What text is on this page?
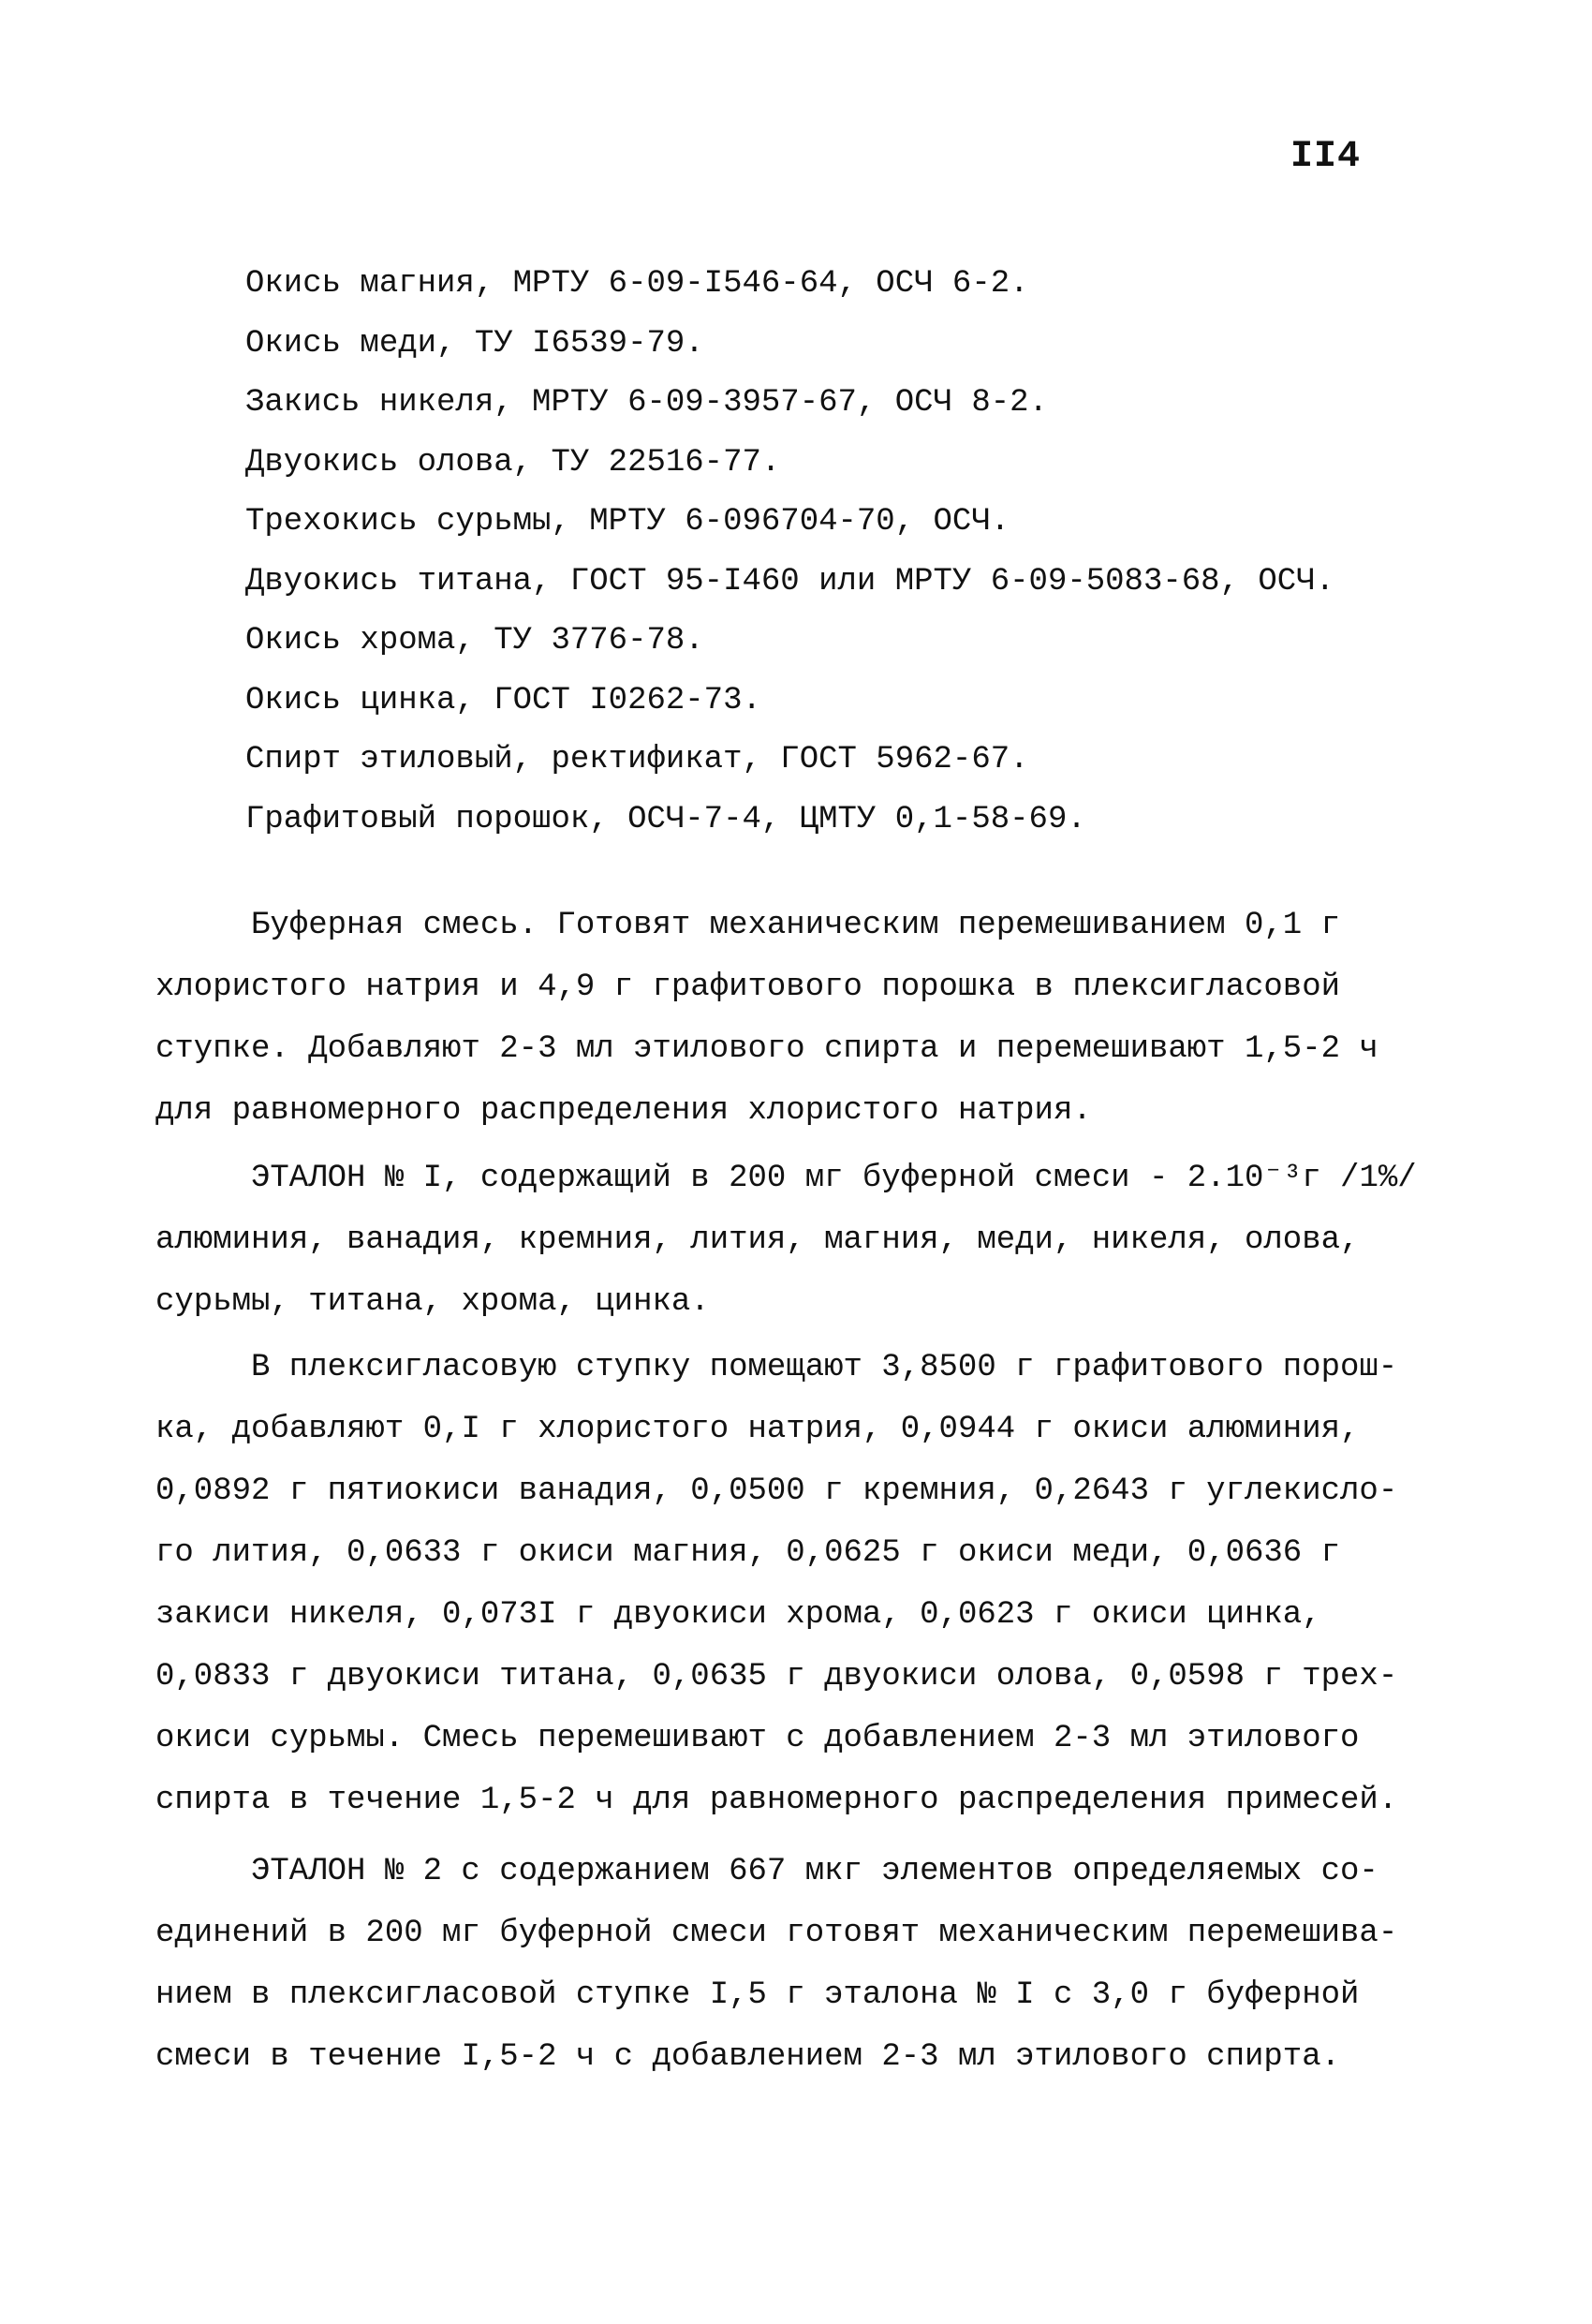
II4
Окись магния, МРТУ 6-09-I546-64, ОСЧ 6-2.
Окись меди, ТУ I6539-79.
Закись никеля, МРТУ 6-09-3957-67, ОСЧ 8-2.
Двуокись олова, ТУ 22516-77.
Трехокись сурьмы, МРТУ 6-096704-70, ОСЧ.
Двуокись титана, ГОСТ 95-I460 или МРТУ 6-09-5083-68, ОСЧ.
Окись хрома, ТУ 3776-78.
Окись цинка, ГОСТ I0262-73.
Спирт этиловый, ректификат, ГОСТ 5962-67.
Графитовый порошок, ОСЧ-7-4, ЦМТУ 0,1-58-69.
Буферная смесь. Готовят механическим перемешиванием 0,1 г
хлористого натрия и 4,9 г графитового порошка в плексигласовой
ступке. Добавляют 2-3 мл этилового спирта и перемешивают 1,5-2 ч
для равномерного распределения хлористого натрия.
ЭТАЛОН № I, содержащий в 200 мг буферной смеси - 2.10⁻³г /1%/
алюминия, ванадия, кремния, лития, магния, меди, никеля, олова,
сурьмы, титана, хрома, цинка.
В плексигласовую ступку помещают 3,8500 г графитового порош-
ка, добавляют 0,I г хлористого натрия, 0,0944 г окиси алюминия,
0,0892 г пятиокиси ванадия, 0,0500 г кремния, 0,2643 г углекисло-
го лития, 0,0633 г окиси магния, 0,0625 г окиси меди, 0,0636 г
закиси никеля, 0,073I г двуокиси хрома, 0,0623 г окиси цинка,
0,0833 г двуокиси титана, 0,0635 г двуокиси олова, 0,0598 г трех-
окиси сурьмы. Смесь перемешивают с добавлением 2-3 мл этилового
спирта в течение 1,5-2 ч для равномерного распределения примесей.
ЭТАЛОН № 2 с содержанием 667 мкг элементов определяемых со-
единений в 200 мг буферной смеси готовят механическим перемешива-
нием в плексигласовой ступке I,5 г эталона № I с 3,0 г буферной
смеси в течение I,5-2 ч с добавлением 2-3 мл этилового спирта.
